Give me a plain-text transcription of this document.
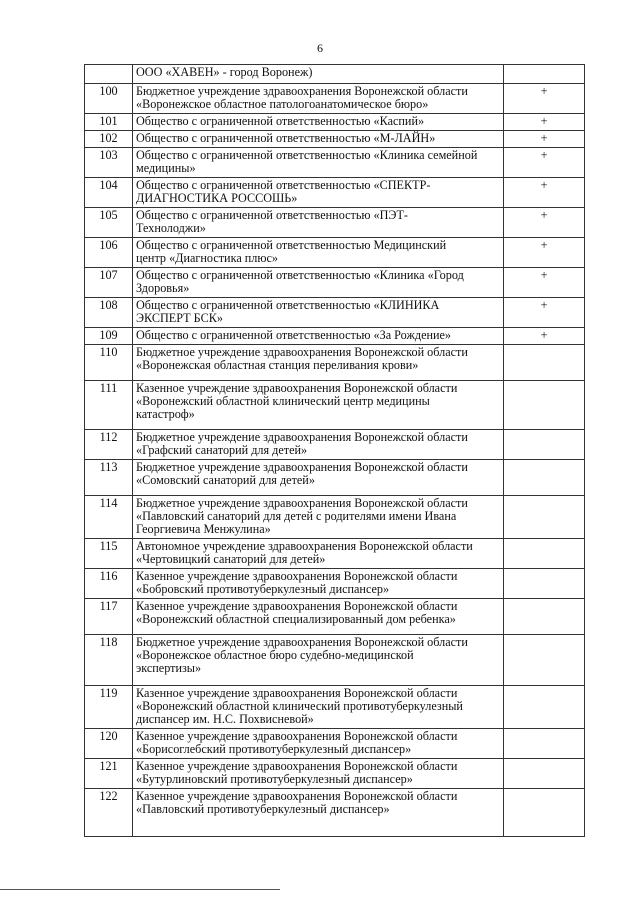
6
	ООО «ХАВЕН» - город Воронеж)	
100	Бюджетное учреждение здравоохранения Воронежской области
«Воронежское областное патологоанатомическое бюро»	+
101	Общество с ограниченной ответственностью «Каспий»	+
102	Общество с ограниченной ответственностью «М-ЛАЙН»	+
103	Общество с ограниченной ответственностью «Клиника семейной
медицины»	+
104	Общество с ограниченной ответственностью «СПЕКТР-
ДИАГНОСТИКА РОССОШЬ»	+
105	Общество с ограниченной ответственностью «ПЭТ-
Технолоджи»	+
106	Общество с ограниченной ответственностью Медицинский
центр «Диагностика плюс»	+
107	Общество с ограниченной ответственностью «Клиника «Город
Здоровья»	+
108	Общество с ограниченной ответственностью «КЛИНИКА
ЭКСПЕРТ БСК»	+
109	Общество с ограниченной ответственностью «За Рождение»	+
110	Бюджетное учреждение здравоохранения Воронежской области
«Воронежская областная станция переливания крови»	
111	Казенное учреждение здравоохранения Воронежской области
«Воронежский областной клинический центр медицины
катастроф»	
112	Бюджетное учреждение здравоохранения Воронежской области
«Графский санаторий для детей»	
113	Бюджетное учреждение здравоохранения Воронежской области
«Сомовский санаторий для детей»	
114	Бюджетное учреждение здравоохранения Воронежской области
«Павловский санаторий для детей с родителями имени Ивана
Георгиевича Менжулина»	
115	Автономное учреждение здравоохранения Воронежской области
«Чертовицкий санаторий для детей»	
116	Казенное учреждение здравоохранения Воронежской области
«Бобровский противотуберкулезный диспансер»	
117	Казенное учреждение здравоохранения Воронежской области
«Воронежский областной специализированный дом ребенка»	
118	Бюджетное учреждение здравоохранения Воронежской области
«Воронежское областное бюро судебно-медицинской
экспертизы»	
119	Казенное учреждение здравоохранения Воронежской области
«Воронежский областной клинический противотуберкулезный
диспансер им. Н.С. Похвисневой»	
120	Казенное учреждение здравоохранения Воронежской области
«Борисоглебский противотуберкулезный диспансер»	
121	Казенное учреждение здравоохранения Воронежской области
«Бутурлиновский противотуберкулезный диспансер»	
122	Казенное учреждение здравоохранения Воронежской области
«Павловский противотуберкулезный диспансер»	
